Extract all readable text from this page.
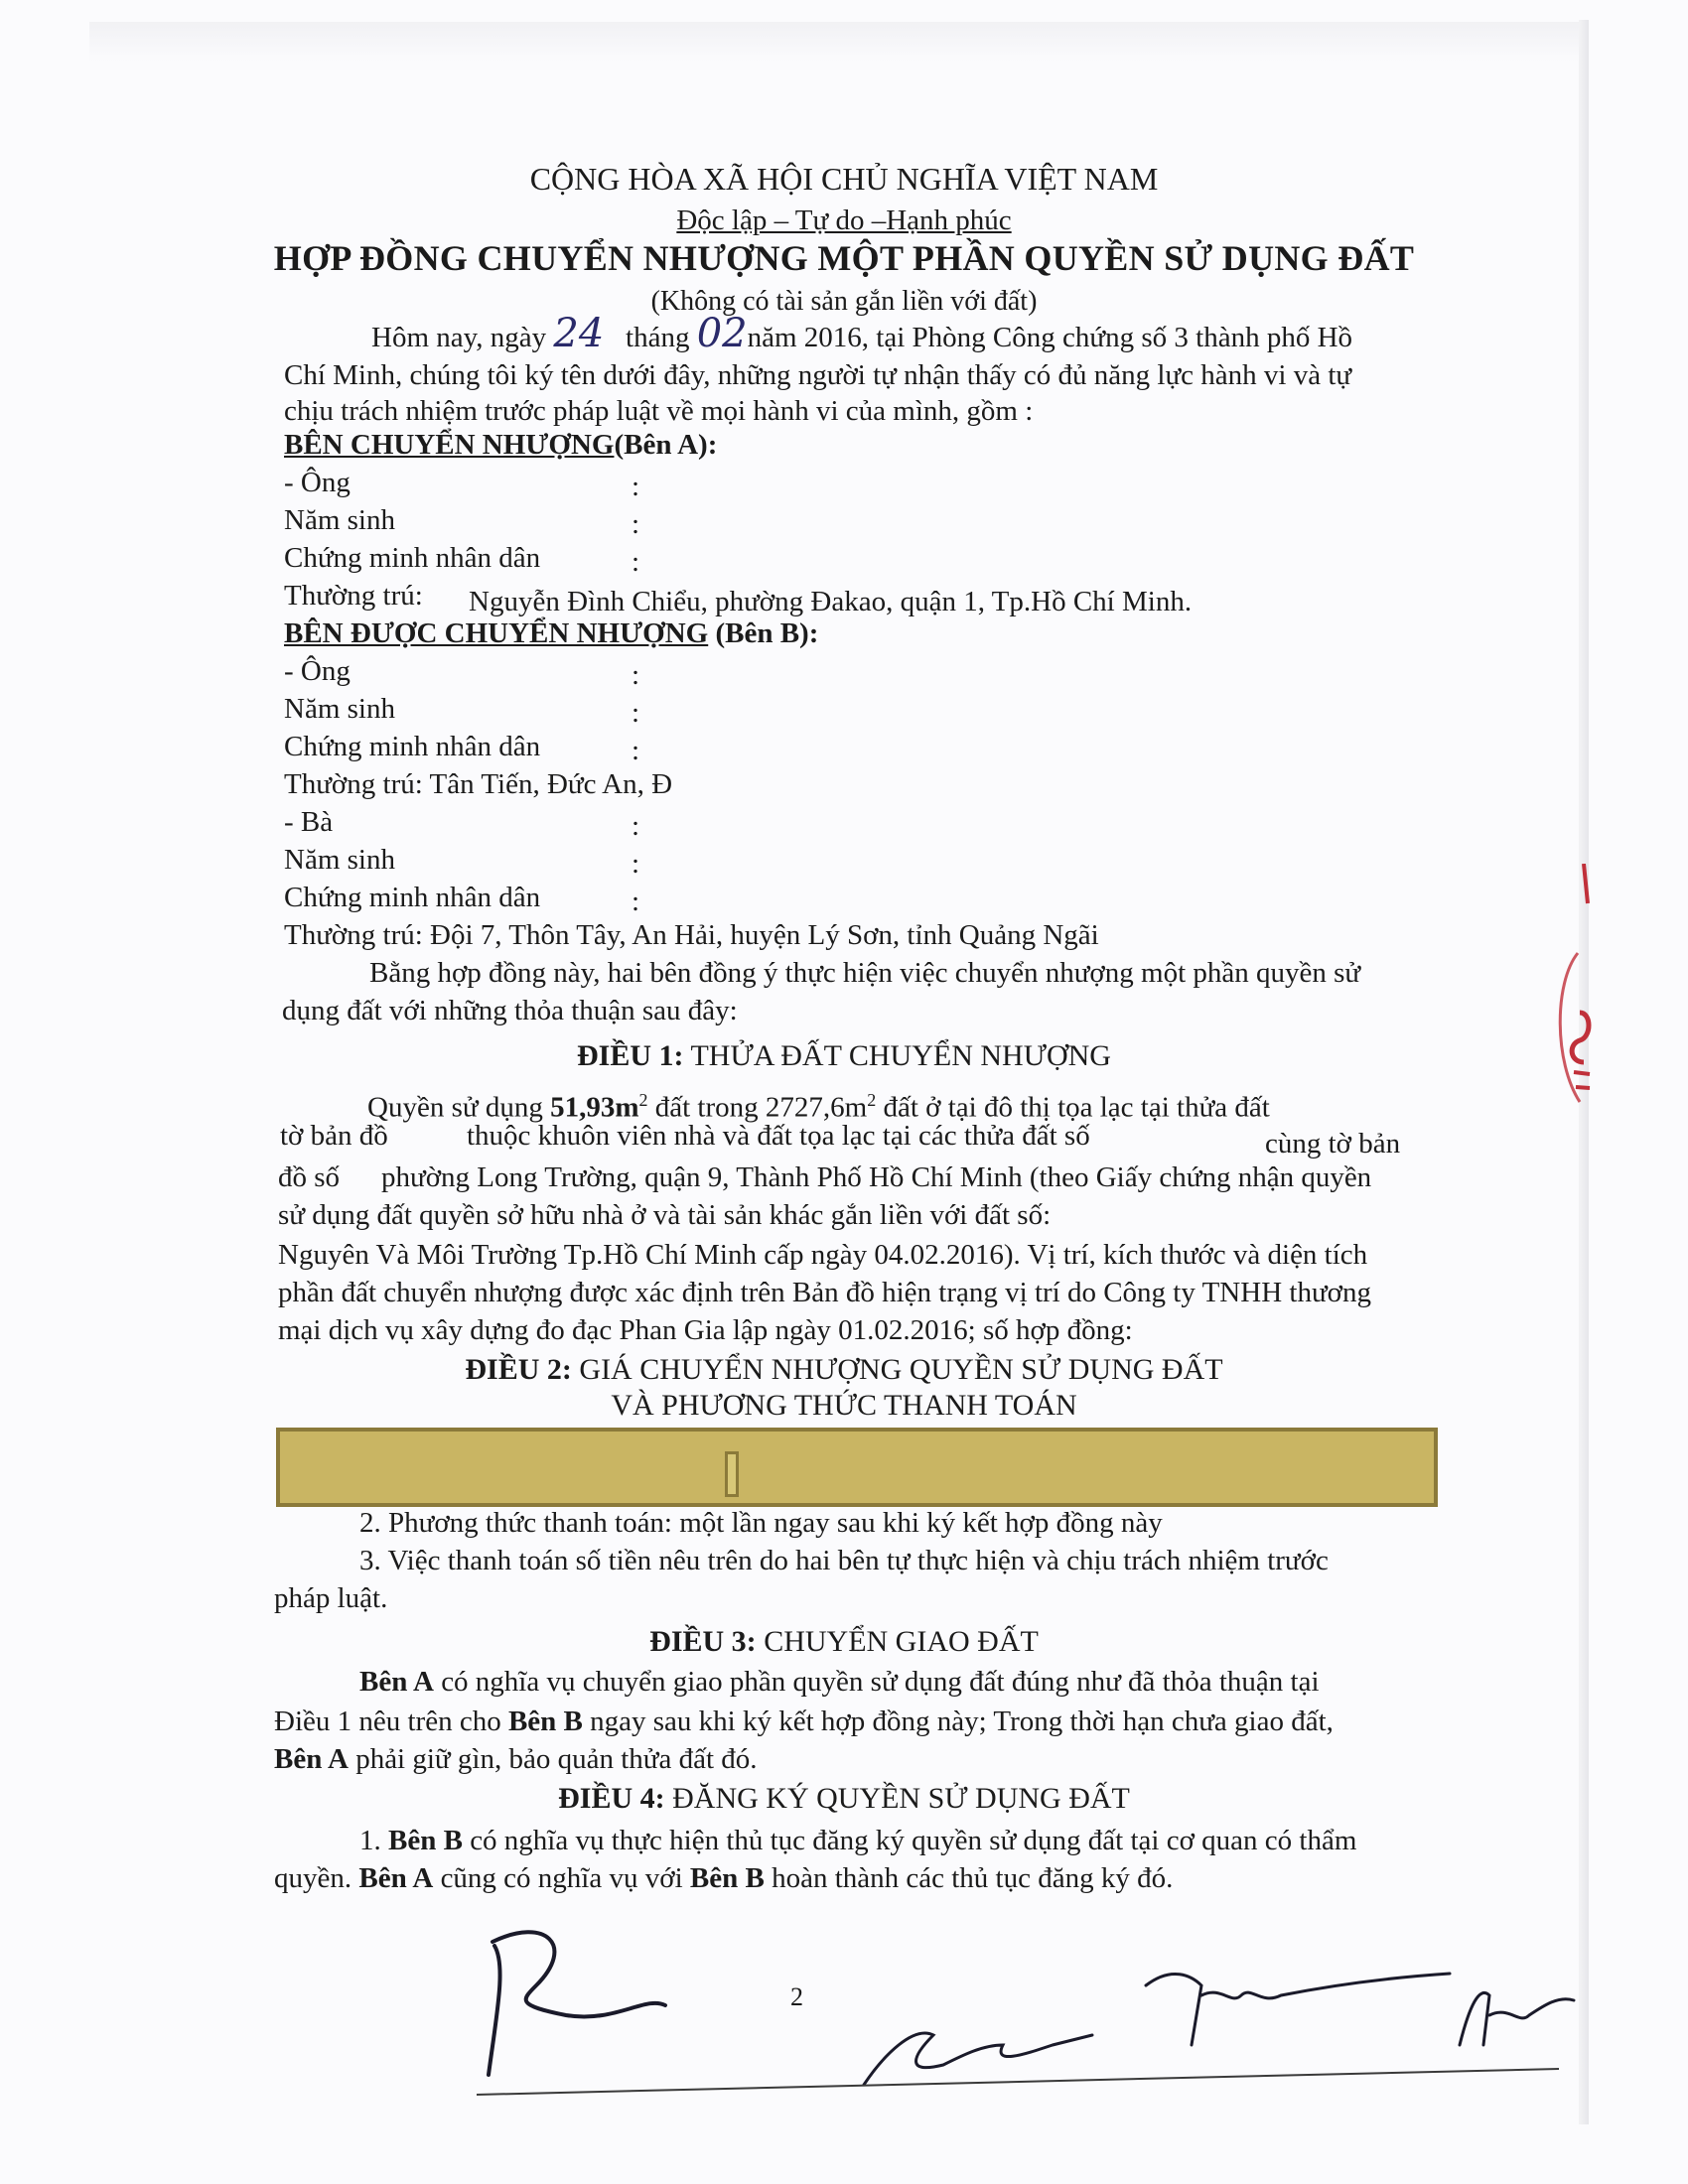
CỘNG HÒA XÃ HỘI CHỦ NGHĨA VIỆT NAM
Độc lập – Tự do –Hạnh phúc
HỢP ĐỒNG CHUYỂN NHƯỢNG MỘT PHẦN QUYỀN SỬ DỤNG ĐẤT
(Không có tài sản gắn liền với đất)
Hôm nay, ngày 24 tháng 02năm 2016, tại Phòng Công chứng số 3 thành phố Hồ
Chí Minh, chúng tôi ký tên dưới đây, những người tự nhận thấy có đủ năng lực hành vi và tự
chịu trách nhiệm trước pháp luật về mọi hành vi của mình, gồm :
BÊN CHUYỂN NHƯỢNG(Bên A):
- Ông	:
Năm sinh	:
Chứng minh nhân dân	:
Thường trú: Nguyễn Đình Chiểu, phường Đakao, quận 1, Tp.Hồ Chí Minh.
BÊN ĐƯỢC CHUYỂN NHƯỢNG (Bên B):
- Ông	:
Năm sinh	:
Chứng minh nhân dân	:
Thường trú: Tân Tiến, Đức An, Đ
- Bà	:
Năm sinh	:
Chứng minh nhân dân	:
Thường trú: Đội 7, Thôn Tây, An Hải, huyện Lý Sơn, tỉnh Quảng Ngãi
Bằng hợp đồng này, hai bên đồng ý thực hiện việc chuyển nhượng một phần quyền sử
dụng đất với những thỏa thuận sau đây:
ĐIỀU 1: THỬA ĐẤT CHUYỂN NHƯỢNG
Quyền sử dụng $51,93m^2$ đất trong $2727,6m^2$ đất ở tại đô thị tọa lạc tại thửa đất
tờ bản đồ	thuộc khuôn viên nhà và đất tọa lạc tại các thửa đất số	cùng tờ bản
đồ số phường Long Trường, quận 9, Thành Phố Hồ Chí Minh (theo Giấy chứng nhận quyền
sử dụng đất quyền sở hữu nhà ở và tài sản khác gắn liền với đất số:
Nguyên Và Môi Trường Tp.Hồ Chí Minh cấp ngày 04.02.2016). Vị trí, kích thước và diện tích
phần đất chuyển nhượng được xác định trên Bản đồ hiện trạng vị trí do Công ty TNHH thương
mại dịch vụ xây dựng đo đạc Phan Gia lập ngày 01.02.2016; số hợp đồng:
ĐIỀU 2: GIÁ CHUYỂN NHƯỢNG QUYỀN SỬ DỤNG ĐẤT
VÀ PHƯƠNG THỨC THANH TOÁN
2. Phương thức thanh toán: một lần ngay sau khi ký kết hợp đồng này
3. Việc thanh toán số tiền nêu trên do hai bên tự thực hiện và chịu trách nhiệm trước
pháp luật.
ĐIỀU 3: CHUYỂN GIAO ĐẤT
Bên A có nghĩa vụ chuyển giao phần quyền sử dụng đất đúng như đã thỏa thuận tại
Điều 1 nêu trên cho Bên B ngay sau khi ký kết hợp đồng này; Trong thời hạn chưa giao đất,
Bên A phải giữ gìn, bảo quản thửa đất đó.
ĐIỀU 4: ĐĂNG KÝ QUYỀN SỬ DỤNG ĐẤT
1. Bên B có nghĩa vụ thực hiện thủ tục đăng ký quyền sử dụng đất tại cơ quan có thẩm
quyền. Bên A cũng có nghĩa vụ với Bên B hoàn thành các thủ tục đăng ký đó.
2
